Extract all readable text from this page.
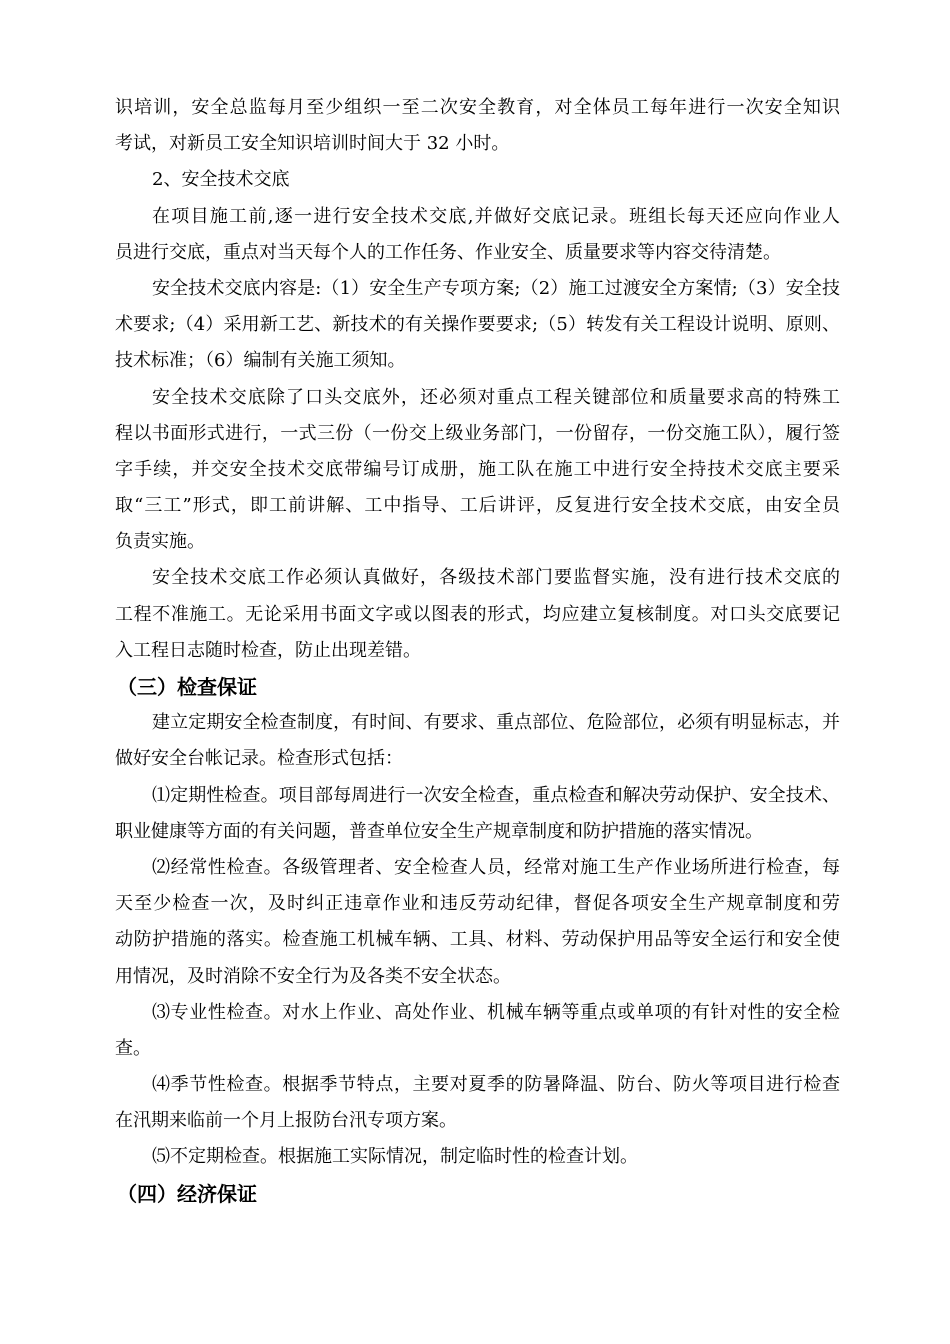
识培训，安全总监每月至少组织一至二次安全教育，对全体员工每年进行一次安全知识
考试，对新员工安全知识培训时间大于 32 小时。
2、安全技术交底
在项目施工前,逐一进行安全技术交底,并做好交底记录。班组长每天还应向作业人
员进行交底，重点对当天每个人的工作任务、作业安全、质量要求等内容交待清楚。
安全技术交底内容是:（1）安全生产专项方案;（2）施工过渡安全方案情;（3）安全技
术要求;（4）采用新工艺、新技术的有关操作要要求;（5）转发有关工程设计说明、原则、
技术标准；（6）编制有关施工须知。
安全技术交底除了口头交底外，还必须对重点工程关键部位和质量要求高的特殊工
程以书面形式进行，一式三份（一份交上级业务部门，一份留存，一份交施工队），履行签
字手续，并交安全技术交底带编号订成册，施工队在施工中进行安全持技术交底主要采
取“三工”形式，即工前讲解、工中指导、工后讲评，反复进行安全技术交底，由安全员
负责实施。
安全技术交底工作必须认真做好，各级技术部门要监督实施，没有进行技术交底的
工程不准施工。无论采用书面文字或以图表的形式，均应建立复核制度。对口头交底要记
入工程日志随时检查，防止出现差错。
（三）检查保证
建立定期安全检查制度，有时间、有要求、重点部位、危险部位，必须有明显标志，并
做好安全台帐记录。检查形式包括：
⑴定期性检查。项目部每周进行一次安全检查，重点检查和解决劳动保护、安全技术、
职业健康等方面的有关问题，普查单位安全生产规章制度和防护措施的落实情况。
⑵经常性检查。各级管理者、安全检查人员，经常对施工生产作业场所进行检查，每
天至少检查一次，及时纠正违章作业和违反劳动纪律，督促各项安全生产规章制度和劳
动防护措施的落实。检查施工机械车辆、工具、材料、劳动保护用品等安全运行和安全使
用情况，及时消除不安全行为及各类不安全状态。
⑶专业性检查。对水上作业、高处作业、机械车辆等重点或单项的有针对性的安全检
查。
⑷季节性检查。根据季节特点，主要对夏季的防暑降温、防台、防火等项目进行检查
在汛期来临前一个月上报防台汛专项方案。
⑸不定期检查。根据施工实际情况，制定临时性的检查计划。
（四）经济保证
